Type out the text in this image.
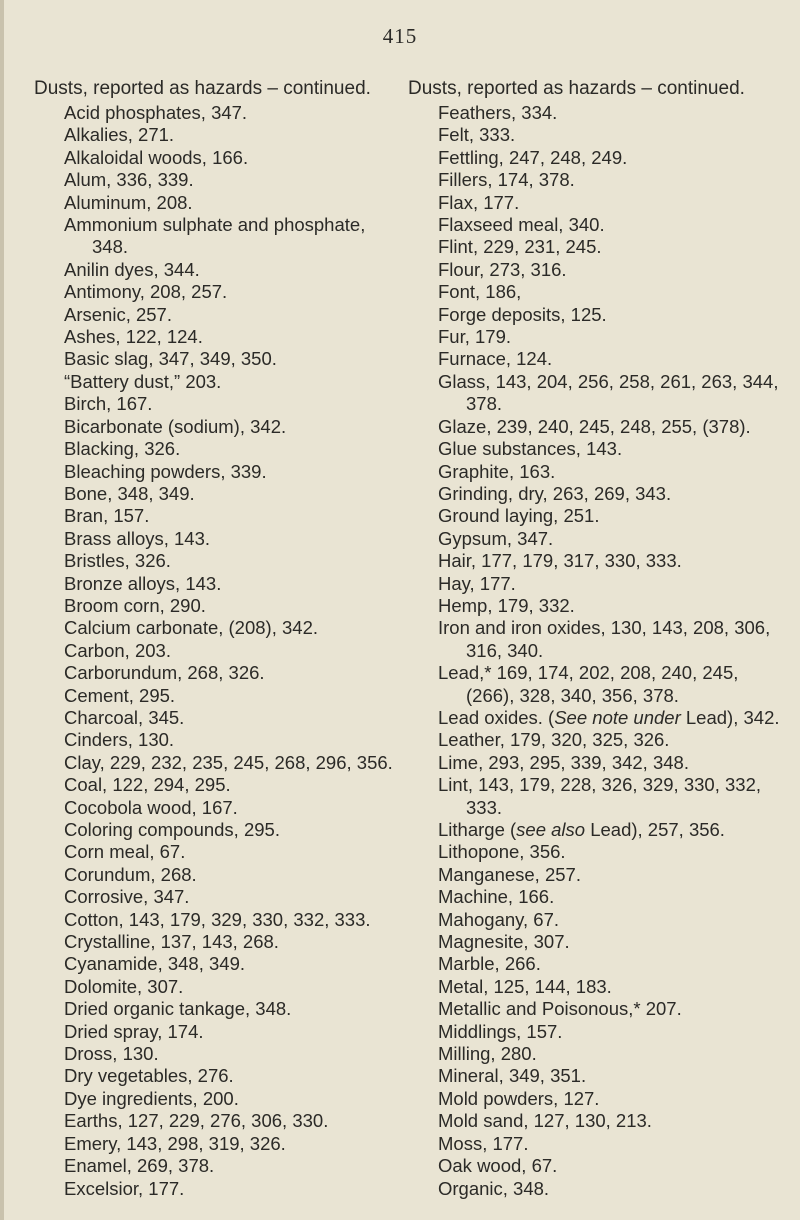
415
Dusts, reported as hazards – continued.
Acid phosphates, 347.
Alkalies, 271.
Alkaloidal woods, 166.
Alum, 336, 339.
Aluminum, 208.
Ammonium sulphate and phosphate, 348.
Anilin dyes, 344.
Antimony, 208, 257.
Arsenic, 257.
Ashes, 122, 124.
Basic slag, 347, 349, 350.
“Battery dust,” 203.
Birch, 167.
Bicarbonate (sodium), 342.
Blacking, 326.
Bleaching powders, 339.
Bone, 348, 349.
Bran, 157.
Brass alloys, 143.
Bristles, 326.
Bronze alloys, 143.
Broom corn, 290.
Calcium carbonate, (208), 342.
Carbon, 203.
Carborundum, 268, 326.
Cement, 295.
Charcoal, 345.
Cinders, 130.
Clay, 229, 232, 235, 245, 268, 296, 356.
Coal, 122, 294, 295.
Cocobola wood, 167.
Coloring compounds, 295.
Corn meal, 67.
Corundum, 268.
Corrosive, 347.
Cotton, 143, 179, 329, 330, 332, 333.
Crystalline, 137, 143, 268.
Cyanamide, 348, 349.
Dolomite, 307.
Dried organic tankage, 348.
Dried spray, 174.
Dross, 130.
Dry vegetables, 276.
Dye ingredients, 200.
Earths, 127, 229, 276, 306, 330.
Emery, 143, 298, 319, 326.
Enamel, 269, 378.
Excelsior, 177.
Dusts, reported as hazards – continued.
Feathers, 334.
Felt, 333.
Fettling, 247, 248, 249.
Fillers, 174, 378.
Flax, 177.
Flaxseed meal, 340.
Flint, 229, 231, 245.
Flour, 273, 316.
Font, 186,
Forge deposits, 125.
Fur, 179.
Furnace, 124.
Glass, 143, 204, 256, 258, 261, 263, 344, 378.
Glaze, 239, 240, 245, 248, 255, (378).
Glue substances, 143.
Graphite, 163.
Grinding, dry, 263, 269, 343.
Ground laying, 251.
Gypsum, 347.
Hair, 177, 179, 317, 330, 333.
Hay, 177.
Hemp, 179, 332.
Iron and iron oxides, 130, 143, 208, 306, 316, 340.
Lead,* 169, 174, 202, 208, 240, 245, (266), 328, 340, 356, 378.
Lead oxides. (See note under Lead), 342.
Leather, 179, 320, 325, 326.
Lime, 293, 295, 339, 342, 348.
Lint, 143, 179, 228, 326, 329, 330, 332, 333.
Litharge (see also Lead), 257, 356.
Lithopone, 356.
Manganese, 257.
Machine, 166.
Mahogany, 67.
Magnesite, 307.
Marble, 266.
Metal, 125, 144, 183.
Metallic and Poisonous,* 207.
Middlings, 157.
Milling, 280.
Mineral, 349, 351.
Mold powders, 127.
Mold sand, 127, 130, 213.
Moss, 177.
Oak wood, 67.
Organic, 348.
